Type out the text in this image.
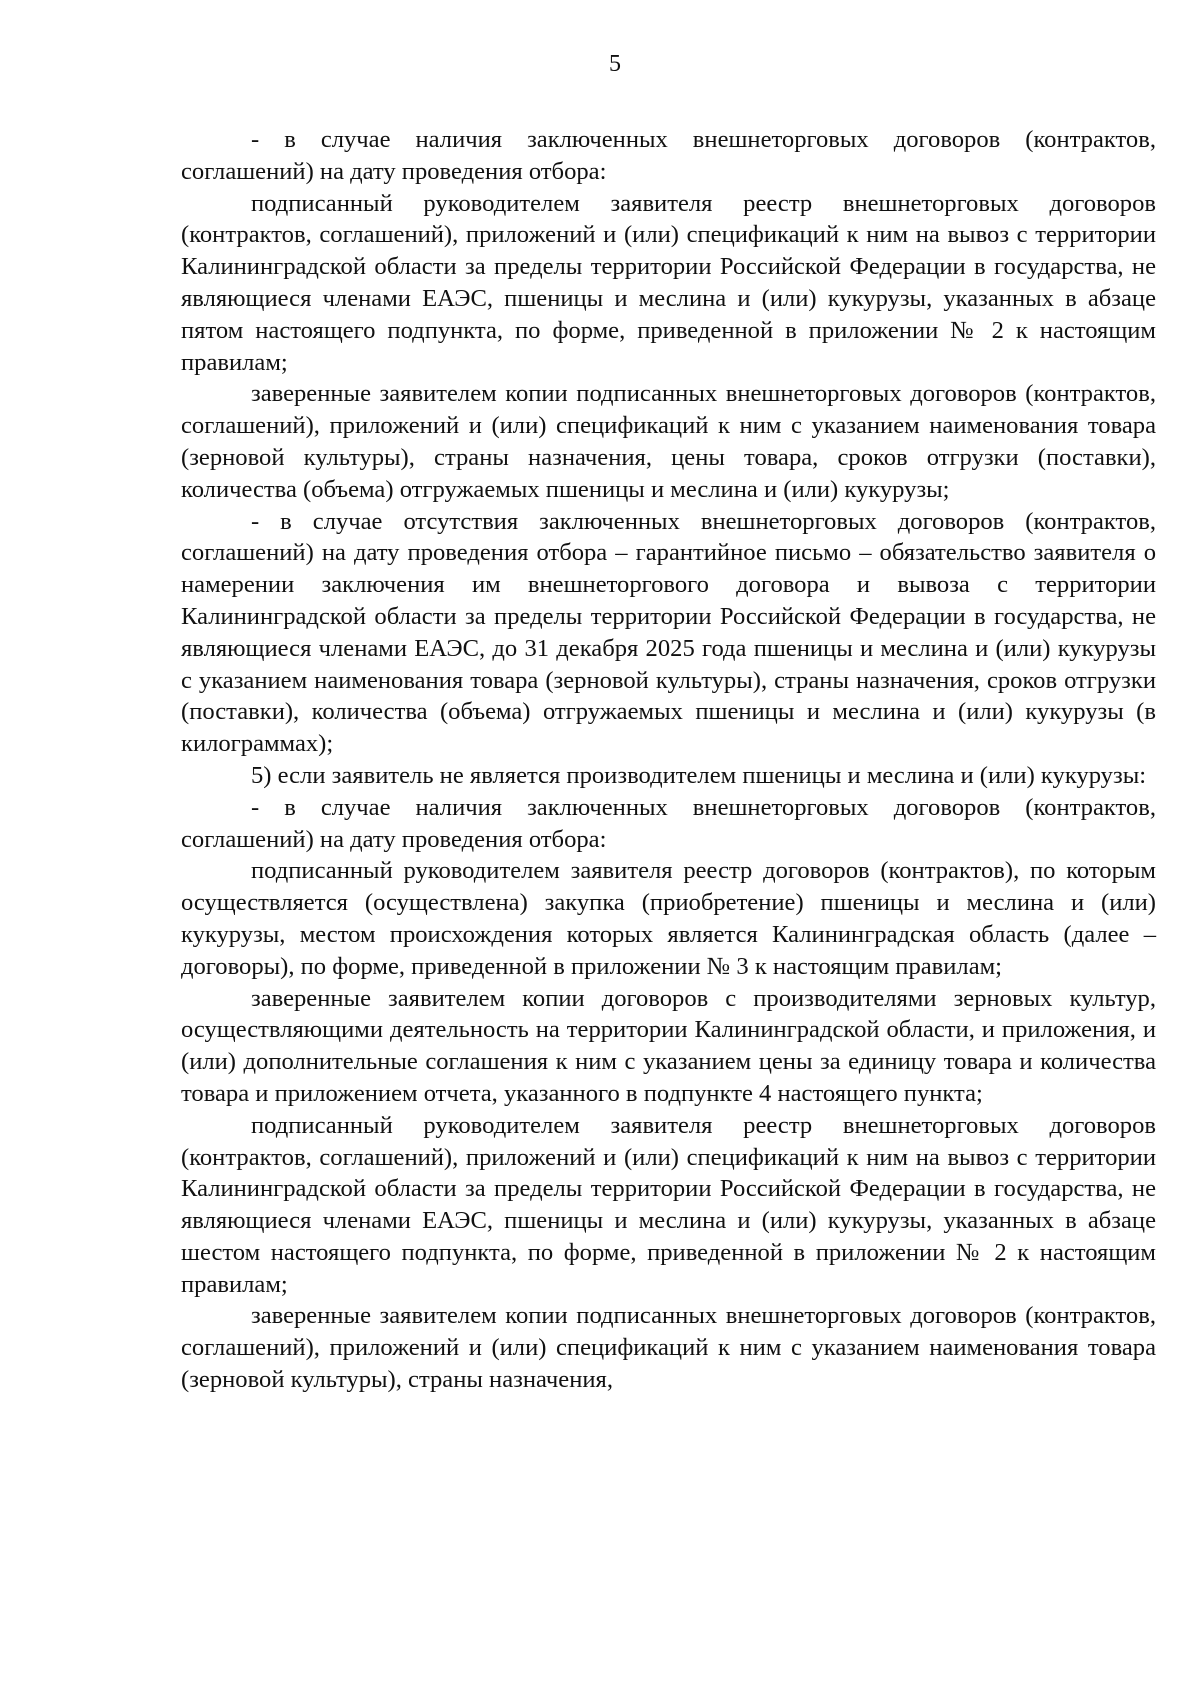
5

- в случае наличия заключенных внешнеторговых договоров (контрактов, соглашений) на дату проведения отбора:

подписанный руководителем заявителя реестр внешнеторговых договоров (контрактов, соглашений), приложений и (или) спецификаций к ним на вывоз с территории Калининградской области за пределы территории Российской Федерации в государства, не являющиеся членами ЕАЭС, пшеницы и меслина и (или) кукурузы, указанных в абзаце пятом настоящего подпункта, по форме, приведенной в приложении № 2 к настоящим правилам;

заверенные заявителем копии подписанных внешнеторговых договоров (контрактов, соглашений), приложений и (или) спецификаций к ним с указанием наименования товара (зерновой культуры), страны назначения, цены товара, сроков отгрузки (поставки), количества (объема) отгружаемых пшеницы и меслина и (или) кукурузы;

- в случае отсутствия заключенных внешнеторговых договоров (контрактов, соглашений) на дату проведения отбора – гарантийное письмо – обязательство заявителя о намерении заключения им внешнеторгового договора и вывоза с территории Калининградской области за пределы территории Российской Федерации в государства, не являющиеся членами ЕАЭС, до 31 декабря 2025 года пшеницы и меслина и (или) кукурузы с указанием наименования товара (зерновой культуры), страны назначения, сроков отгрузки (поставки), количества (объема) отгружаемых пшеницы и меслина и (или) кукурузы (в килограммах);

5) если заявитель не является производителем пшеницы и меслина и (или) кукурузы:

- в случае наличия заключенных внешнеторговых договоров (контрактов, соглашений) на дату проведения отбора:

подписанный руководителем заявителя реестр договоров (контрактов), по которым осуществляется (осуществлена) закупка (приобретение) пшеницы и меслина и (или) кукурузы, местом происхождения которых является Калининградская область (далее – договоры), по форме, приведенной в приложении № 3 к настоящим правилам;

заверенные заявителем копии договоров с производителями зерновых культур, осуществляющими деятельность на территории Калининградской области, и приложения, и (или) дополнительные соглашения к ним с указанием цены за единицу товара и количества товара и приложением отчета, указанного в подпункте 4 настоящего пункта;

подписанный руководителем заявителя реестр внешнеторговых договоров (контрактов, соглашений), приложений и (или) спецификаций к ним на вывоз с территории Калининградской области за пределы территории Российской Федерации в государства, не являющиеся членами ЕАЭС, пшеницы и меслина и (или) кукурузы, указанных в абзаце шестом настоящего подпункта, по форме, приведенной в приложении № 2 к настоящим правилам;

заверенные заявителем копии подписанных внешнеторговых договоров (контрактов, соглашений), приложений и (или) спецификаций к ним с указанием наименования товара (зерновой культуры), страны назначения,
